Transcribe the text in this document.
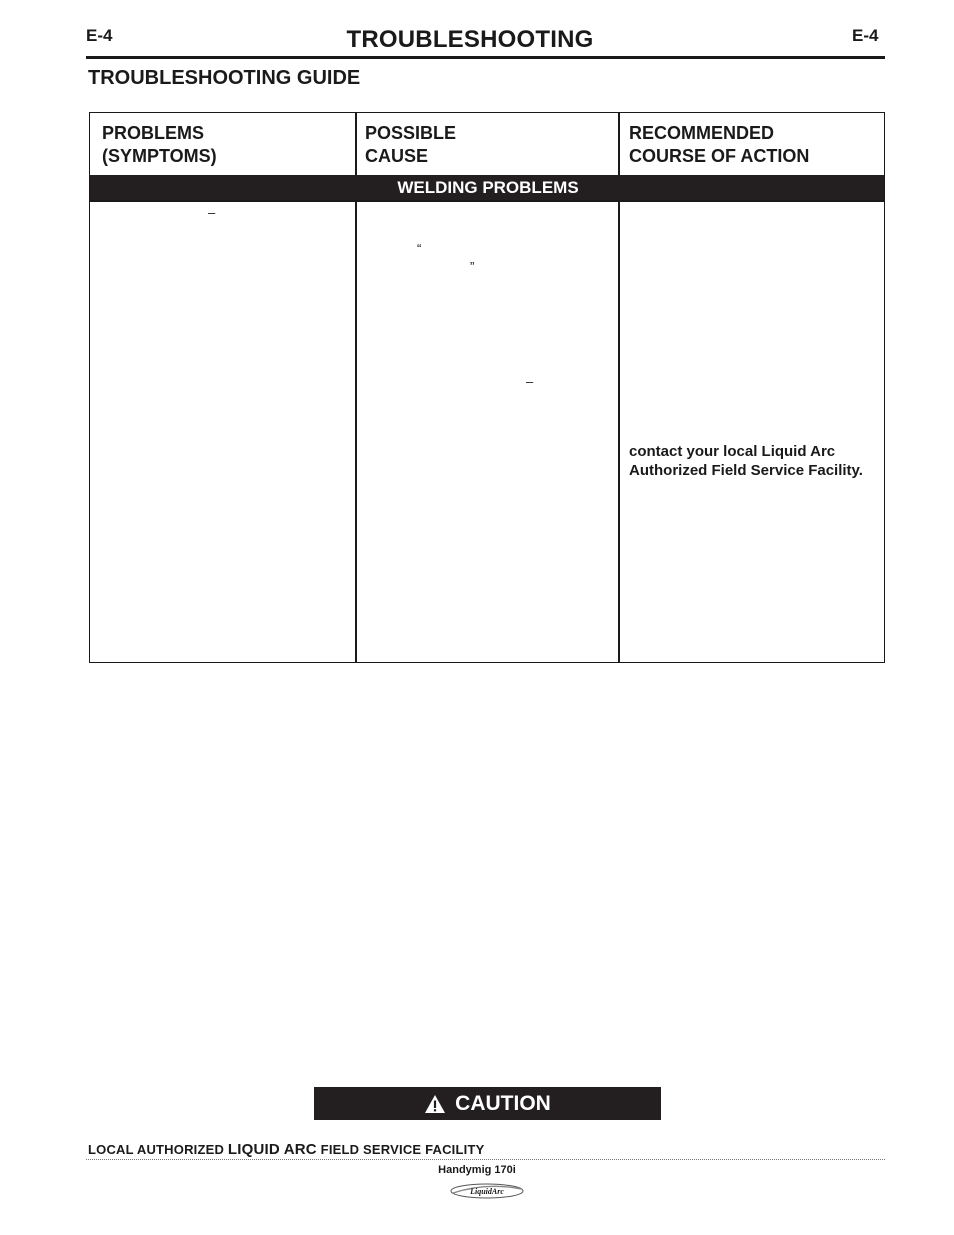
E-4	TROUBLESHOOTING	E-4
TROUBLESHOOTING GUIDE
PROBLEMS
(SYMPTOMS)
POSSIBLE
CAUSE
RECOMMENDED
COURSE OF ACTION
WELDING PROBLEMS
–
“
”
–
contact your local Liquid Arc
Authorized Field Service Facility.
CAUTION
LOCAL AUTHORIZED LIQUID ARC FIELD SERVICE FACILITY
Handymig 170i
LiquidArc
